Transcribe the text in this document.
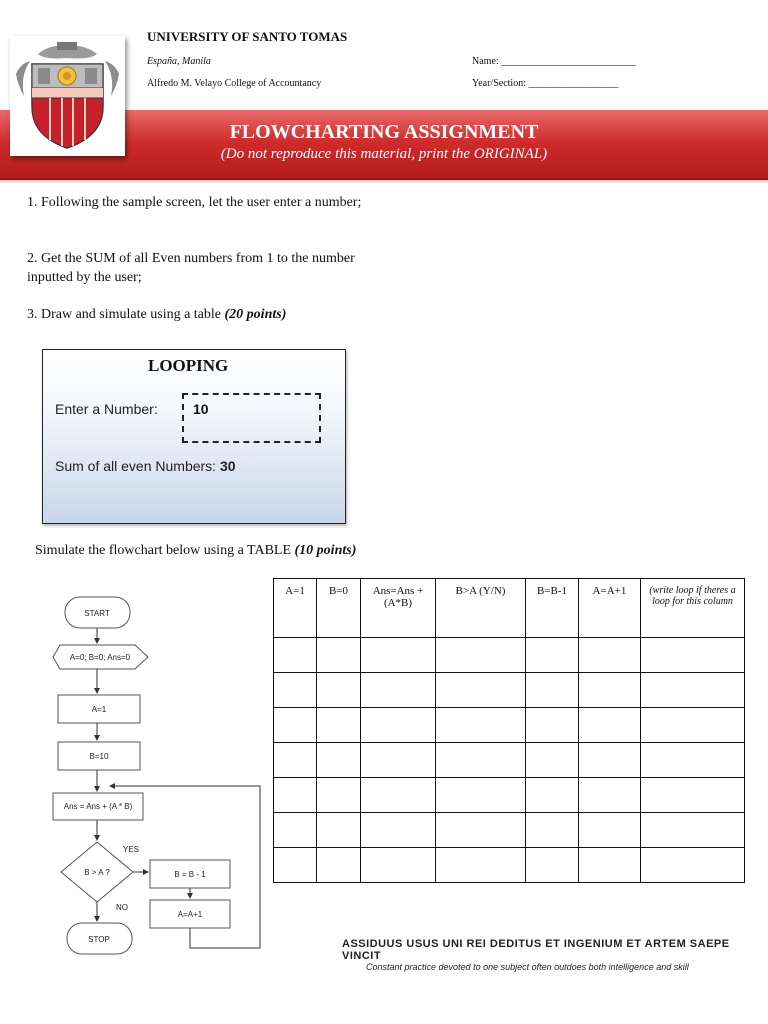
UNIVERSITY OF SANTO TOMAS
España, Manila
Alfredo M. Velayo College of Accountancy
Name: ___________________________
Year/Section: __________________
FLOWCHARTING ASSIGNMENT
(Do not reproduce this material, print the ORIGINAL)
1. Following the sample screen, let the user enter a number;
2. Get the SUM of all Even numbers from 1 to the number inputted by the user;
3. Draw and simulate using a table (20 points)
LOOPING
Enter a Number:	10
Sum of all even Numbers: 30
Simulate the flowchart below using a TABLE (10 points)
A=1	B=0	Ans=Ans + (A*B)	B>A (Y/N)	B=B-1	A=A+1	(write loop if theres a loop for this column

START
A=0; B=0; Ans=0
A=1
B=10
Ans = Ans + (A * B)
B > A ?
YES
NO
B = B - 1
A=A+1
STOP	ASSIDUUS USUS UNI REI DEDITUS ET INGENIUM ET ARTEM SAEPE VINCIT
Constant practice devoted to one subject often outdoes both intelligence and skill
